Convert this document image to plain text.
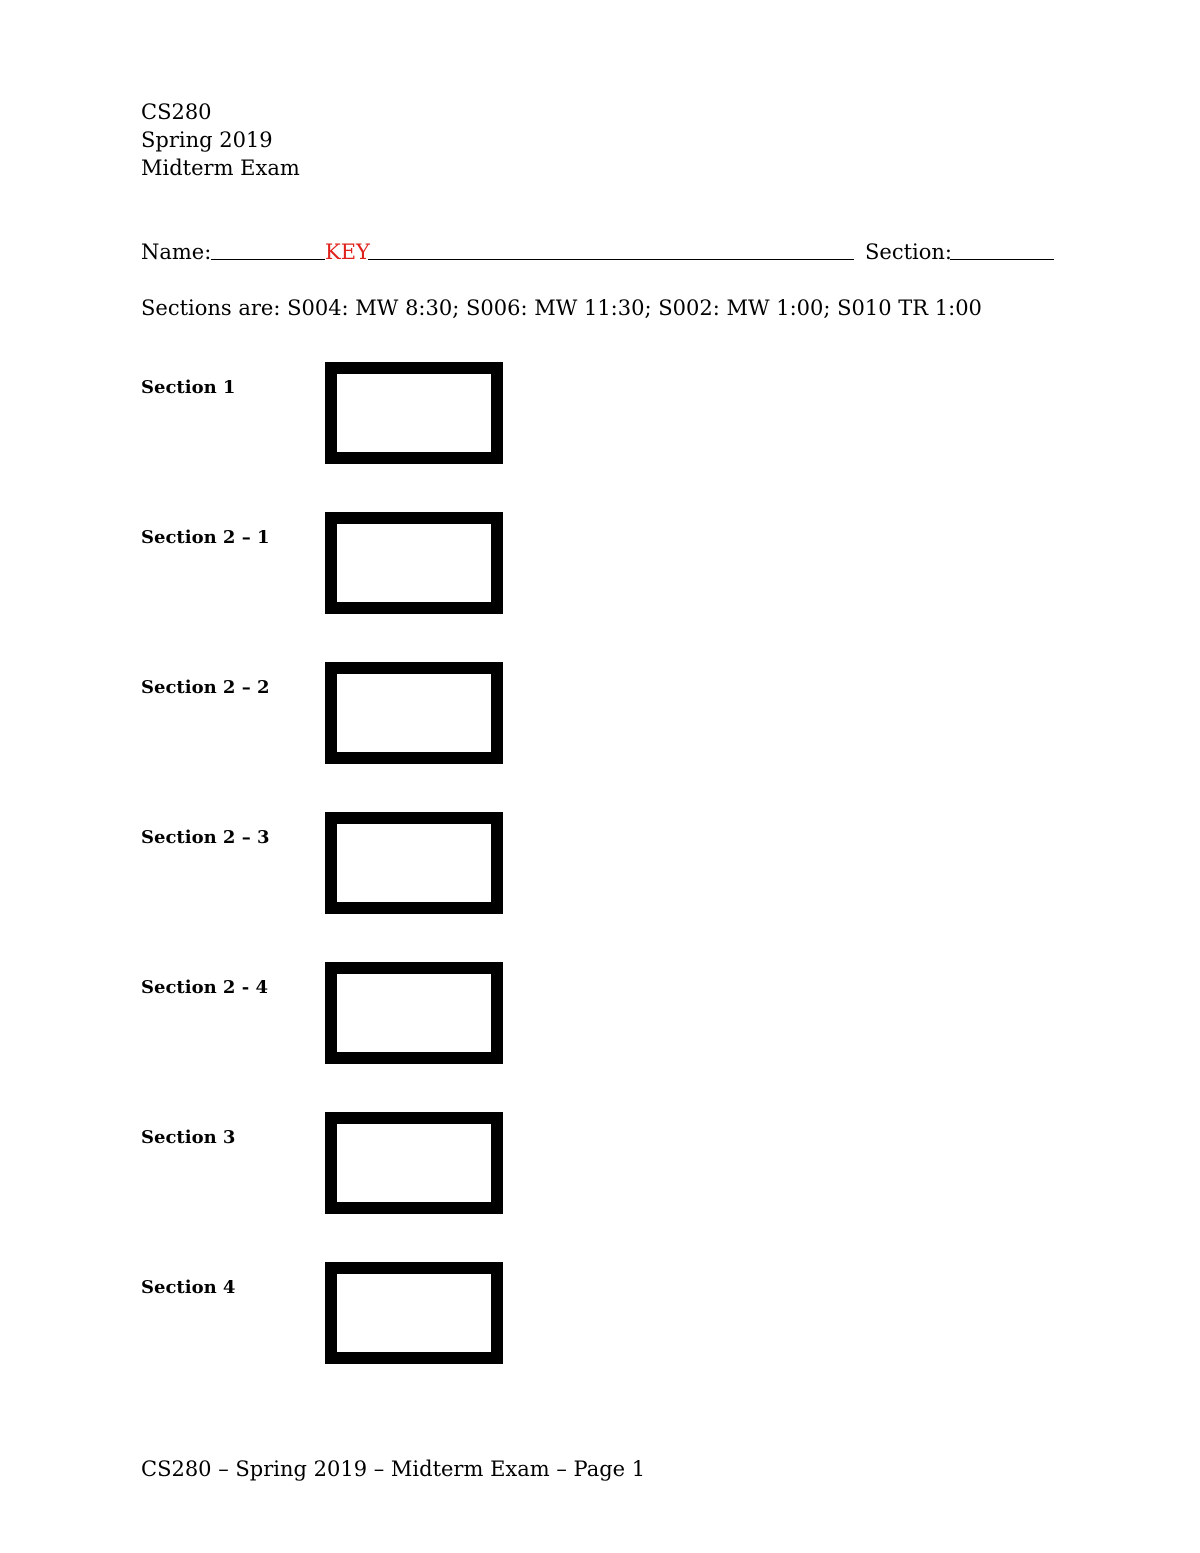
CS280
Spring 2019
Midterm Exam
Name:	KEY	Section:
Sections are: S004: MW 8:30; S006: MW 11:30; S002: MW 1:00; S010 TR 1:00
Section 1
Section 2 – 1
Section 2 – 2
Section 2 – 3
Section 2 - 4
Section 3
Section 4
CS280 – Spring 2019 – Midterm Exam – Page 1
